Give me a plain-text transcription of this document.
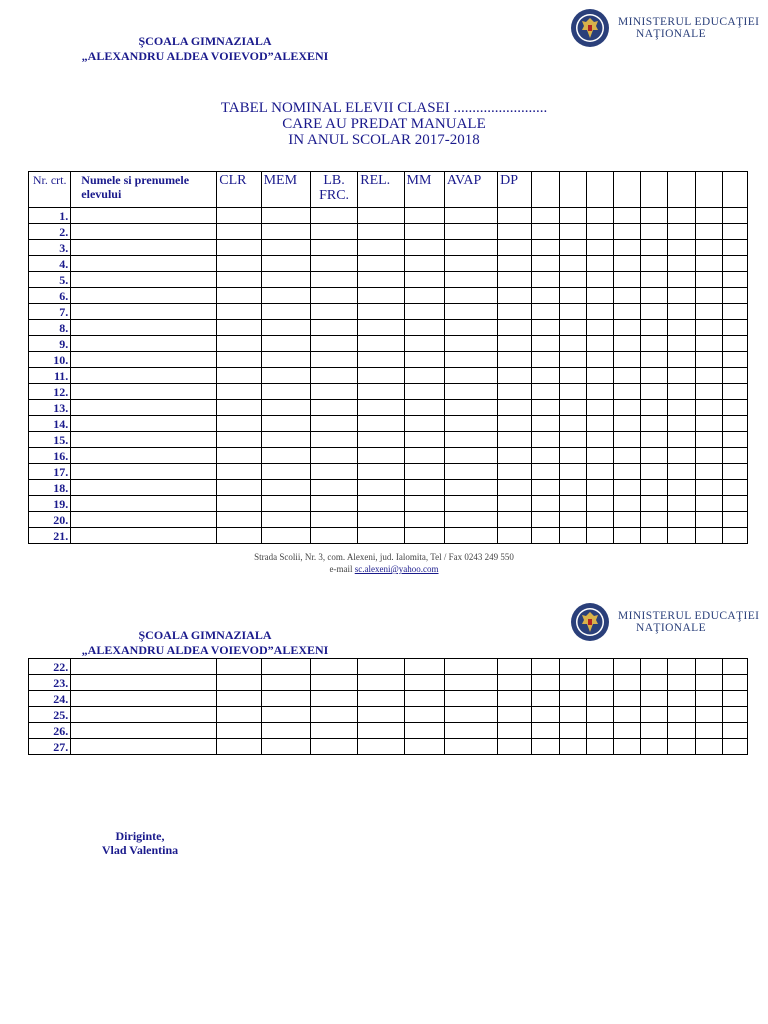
ŞCOALA GIMNAZIALA
„ALEXANDRU ALDEA VOIEVOD”ALEXENI
MINISTERUL EDUCAŢIEI
NAŢIONALE
TABEL NOMINAL ELEVII CLASEI .........................
CARE AU PREDAT MANUALE
IN ANUL SCOLAR 2017-2018
Nr. crt.	Numele si prenumele elevului	CLR	MEM	LB. FRC.	REL.	MM	AVAP	DP								
1.																
2.																
3.																
4.																
5.																
6.																
7.																
8.																
9.																
10.																
11.																
12.																
13.																
14.																
15.																
16.																
17.																
18.																
19.																
20.																
21.																
Strada Scolii, Nr. 3, com. Alexeni, jud. Ialomita, Tel / Fax 0243 249 550
e-mail sc.alexeni@yahoo.com
ŞCOALA GIMNAZIALA
„ALEXANDRU ALDEA VOIEVOD”ALEXENI
MINISTERUL EDUCAŢIEI
NAŢIONALE
22.																
23.																
24.																
25.																
26.																
27.																
Diriginte,
Vlad Valentina
